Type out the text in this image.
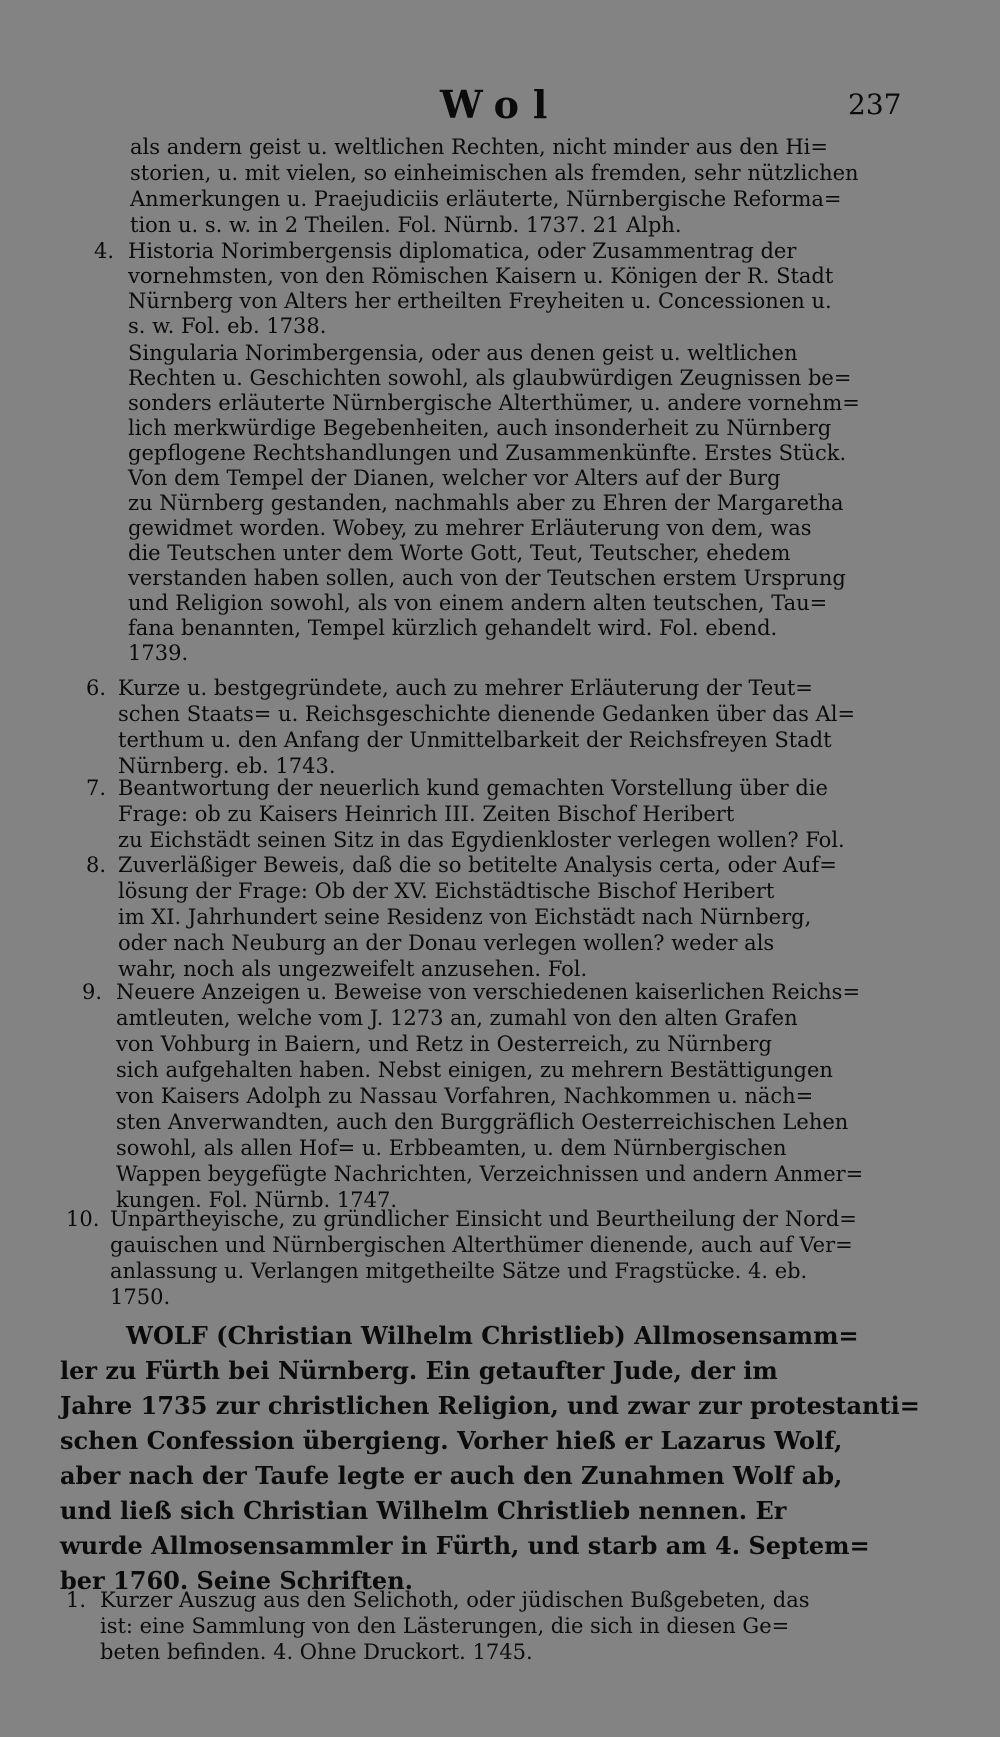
Wol	237
als andern geist u. weltlichen Rechten, nicht minder aus den Hi=
storien, u. mit vielen, so einheimischen als fremden, sehr nützlichen
Anmerkungen u. Praejudiciis erläuterte, Nürnbergische Reforma=
tion u. s. w. in 2 Theilen. Fol. Nürnb. 1737. 21 Alph.
4. Historia Norimbergensis diplomatica, oder Zusammentrag der
vornehmsten, von den Römischen Kaisern u. Königen der R. Stadt
Nürnberg von Alters her ertheilten Freyheiten u. Concessionen u.
s. w. Fol. eb. 1738.
Singularia Norimbergensia, oder aus denen geist u. weltlichen
Rechten u. Geschichten sowohl, als glaubwürdigen Zeugnissen be=
sonders erläuterte Nürnbergische Alterthümer, u. andere vornehm=
lich merkwürdige Begebenheiten, auch insonderheit zu Nürnberg
gepflogene Rechtshandlungen und Zusammenkünfte. Erstes Stück.
Von dem Tempel der Dianen, welcher vor Alters auf der Burg
zu Nürnberg gestanden, nachmahls aber zu Ehren der Margaretha
gewidmet worden. Wobey, zu mehrer Erläuterung von dem, was
die Teutschen unter dem Worte Gott, Teut, Teutscher, ehedem
verstanden haben sollen, auch von der Teutschen erstem Ursprung
und Religion sowohl, als von einem andern alten teutschen, Tau=
fana benannten, Tempel kürzlich gehandelt wird. Fol. ebend.
1739.
6. Kurze u. bestgegründete, auch zu mehrer Erläuterung der Teut=
schen Staats= u. Reichsgeschichte dienende Gedanken über das Al=
terthum u. den Anfang der Unmittelbarkeit der Reichsfreyen Stadt
Nürnberg. eb. 1743.
7. Beantwortung der neuerlich kund gemachten Vorstellung über die
Frage: ob zu Kaisers Heinrich III. Zeiten Bischof Heribert
zu Eichstädt seinen Sitz in das Egydienkloster verlegen wollen? Fol.
8. Zuverläßiger Beweis, daß die so betitelte Analysis certa, oder Auf=
lösung der Frage: Ob der XV. Eichstädtische Bischof Heribert
im XI. Jahrhundert seine Residenz von Eichstädt nach Nürnberg,
oder nach Neuburg an der Donau verlegen wollen? weder als
wahr, noch als ungezweifelt anzusehen. Fol.
9. Neuere Anzeigen u. Beweise von verschiedenen kaiserlichen Reichs=
amtleuten, welche vom J. 1273 an, zumahl von den alten Grafen
von Vohburg in Baiern, und Retz in Oesterreich, zu Nürnberg
sich aufgehalten haben. Nebst einigen, zu mehrern Bestättigungen
von Kaisers Adolph zu Nassau Vorfahren, Nachkommen u. näch=
sten Anverwandten, auch den Burggräflich Oesterreichischen Lehen
sowohl, als allen Hof= u. Erbbeamten, u. dem Nürnbergischen
Wappen beygefügte Nachrichten, Verzeichnissen und andern Anmer=
kungen. Fol. Nürnb. 1747.
10. Unpartheyische, zu gründlicher Einsicht und Beurtheilung der Nord=
gauischen und Nürnbergischen Alterthümer dienende, auch auf Ver=
anlassung u. Verlangen mitgetheilte Sätze und Fragstücke. 4. eb.
1750.
WOLF (Christian Wilhelm Christlieb) Allmosensamm=
ler zu Fürth bei Nürnberg. Ein getaufter Jude, der im
Jahre 1735 zur christlichen Religion, und zwar zur protestanti=
schen Confession übergieng. Vorher hieß er Lazarus Wolf,
aber nach der Taufe legte er auch den Zunahmen Wolf ab,
und ließ sich Christian Wilhelm Christlieb nennen. Er
wurde Allmosensammler in Fürth, und starb am 4. Septem=
ber 1760. Seine Schriften.
1. Kurzer Auszug aus den Selichoth, oder jüdischen Bußgebeten, das
ist: eine Sammlung von den Lästerungen, die sich in diesen Ge=
beten befinden. 4. Ohne Druckort. 1745.
